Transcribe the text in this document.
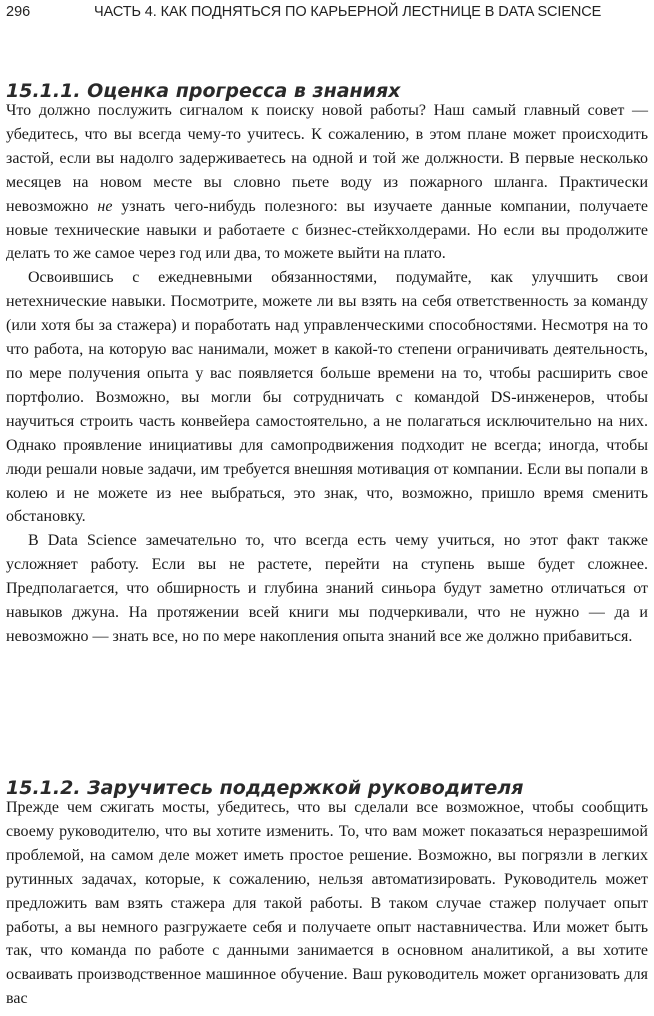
296	ЧАСТЬ 4. КАК ПОДНЯТЬСЯ ПО КАРЬЕРНОЙ ЛЕСТНИЦЕ В DATA SCIENCE
15.1.1. Оценка прогресса в знаниях

Что должно послужить сигналом к поиску новой работы? Наш самый главный совет — убедитесь, что вы всегда чему-то учитесь. К сожалению, в этом плане может происходить застой, если вы надолго задерживаетесь на одной и той же должности. В первые несколько месяцев на новом месте вы словно пьете воду из пожарного шланга. Практически невозможно не узнать чего-нибудь полезного: вы изучаете данные компании, получаете новые технические навыки и работаете с бизнес-стейкхолдерами. Но если вы продолжите делать то же самое через год или два, то можете выйти на плато.

Освоившись с ежедневными обязанностями, подумайте, как улучшить свои нетехнические навыки. Посмотрите, можете ли вы взять на себя ответственность за команду (или хотя бы за стажера) и поработать над управленческими способностями. Несмотря на то что работа, на которую вас нанимали, может в какой-то степени ограничивать деятельность, по мере получения опыта у вас появляется больше времени на то, чтобы расширить свое портфолио. Возможно, вы могли бы сотрудничать с командой DS-инженеров, чтобы научиться строить часть конвейера самостоятельно, а не полагаться исключительно на них. Однако проявление инициативы для самопродвижения подходит не всегда; иногда, чтобы люди решали новые задачи, им требуется внешняя мотивация от компании. Если вы попали в колею и не можете из нее выбраться, это знак, что, возможно, пришло время сменить обстановку.

В Data Science замечательно то, что всегда есть чему учиться, но этот факт также усложняет работу. Если вы не растете, перейти на ступень выше будет сложнее. Предполагается, что обширность и глубина знаний синьора будут заметно отличаться от навыков джуна. На протяжении всей книги мы подчеркивали, что не нужно — да и невозможно — знать все, но по мере накопления опыта знаний все же должно прибавиться.

15.1.2. Заручитесь поддержкой руководителя

Прежде чем сжигать мосты, убедитесь, что вы сделали все возможное, чтобы сообщить своему руководителю, что вы хотите изменить. То, что вам может показаться неразрешимой проблемой, на самом деле может иметь простое решение. Возможно, вы погрязли в легких рутинных задачах, которые, к сожалению, нельзя автоматизировать. Руководитель может предложить вам взять стажера для такой работы. В таком случае стажер получает опыт работы, а вы немного разгружаете себя и получаете опыт наставничества. Или может быть так, что команда по работе с данными занимается в основном аналитикой, а вы хотите осваивать производственное машинное обучение. Ваш руководитель может организовать для вас
